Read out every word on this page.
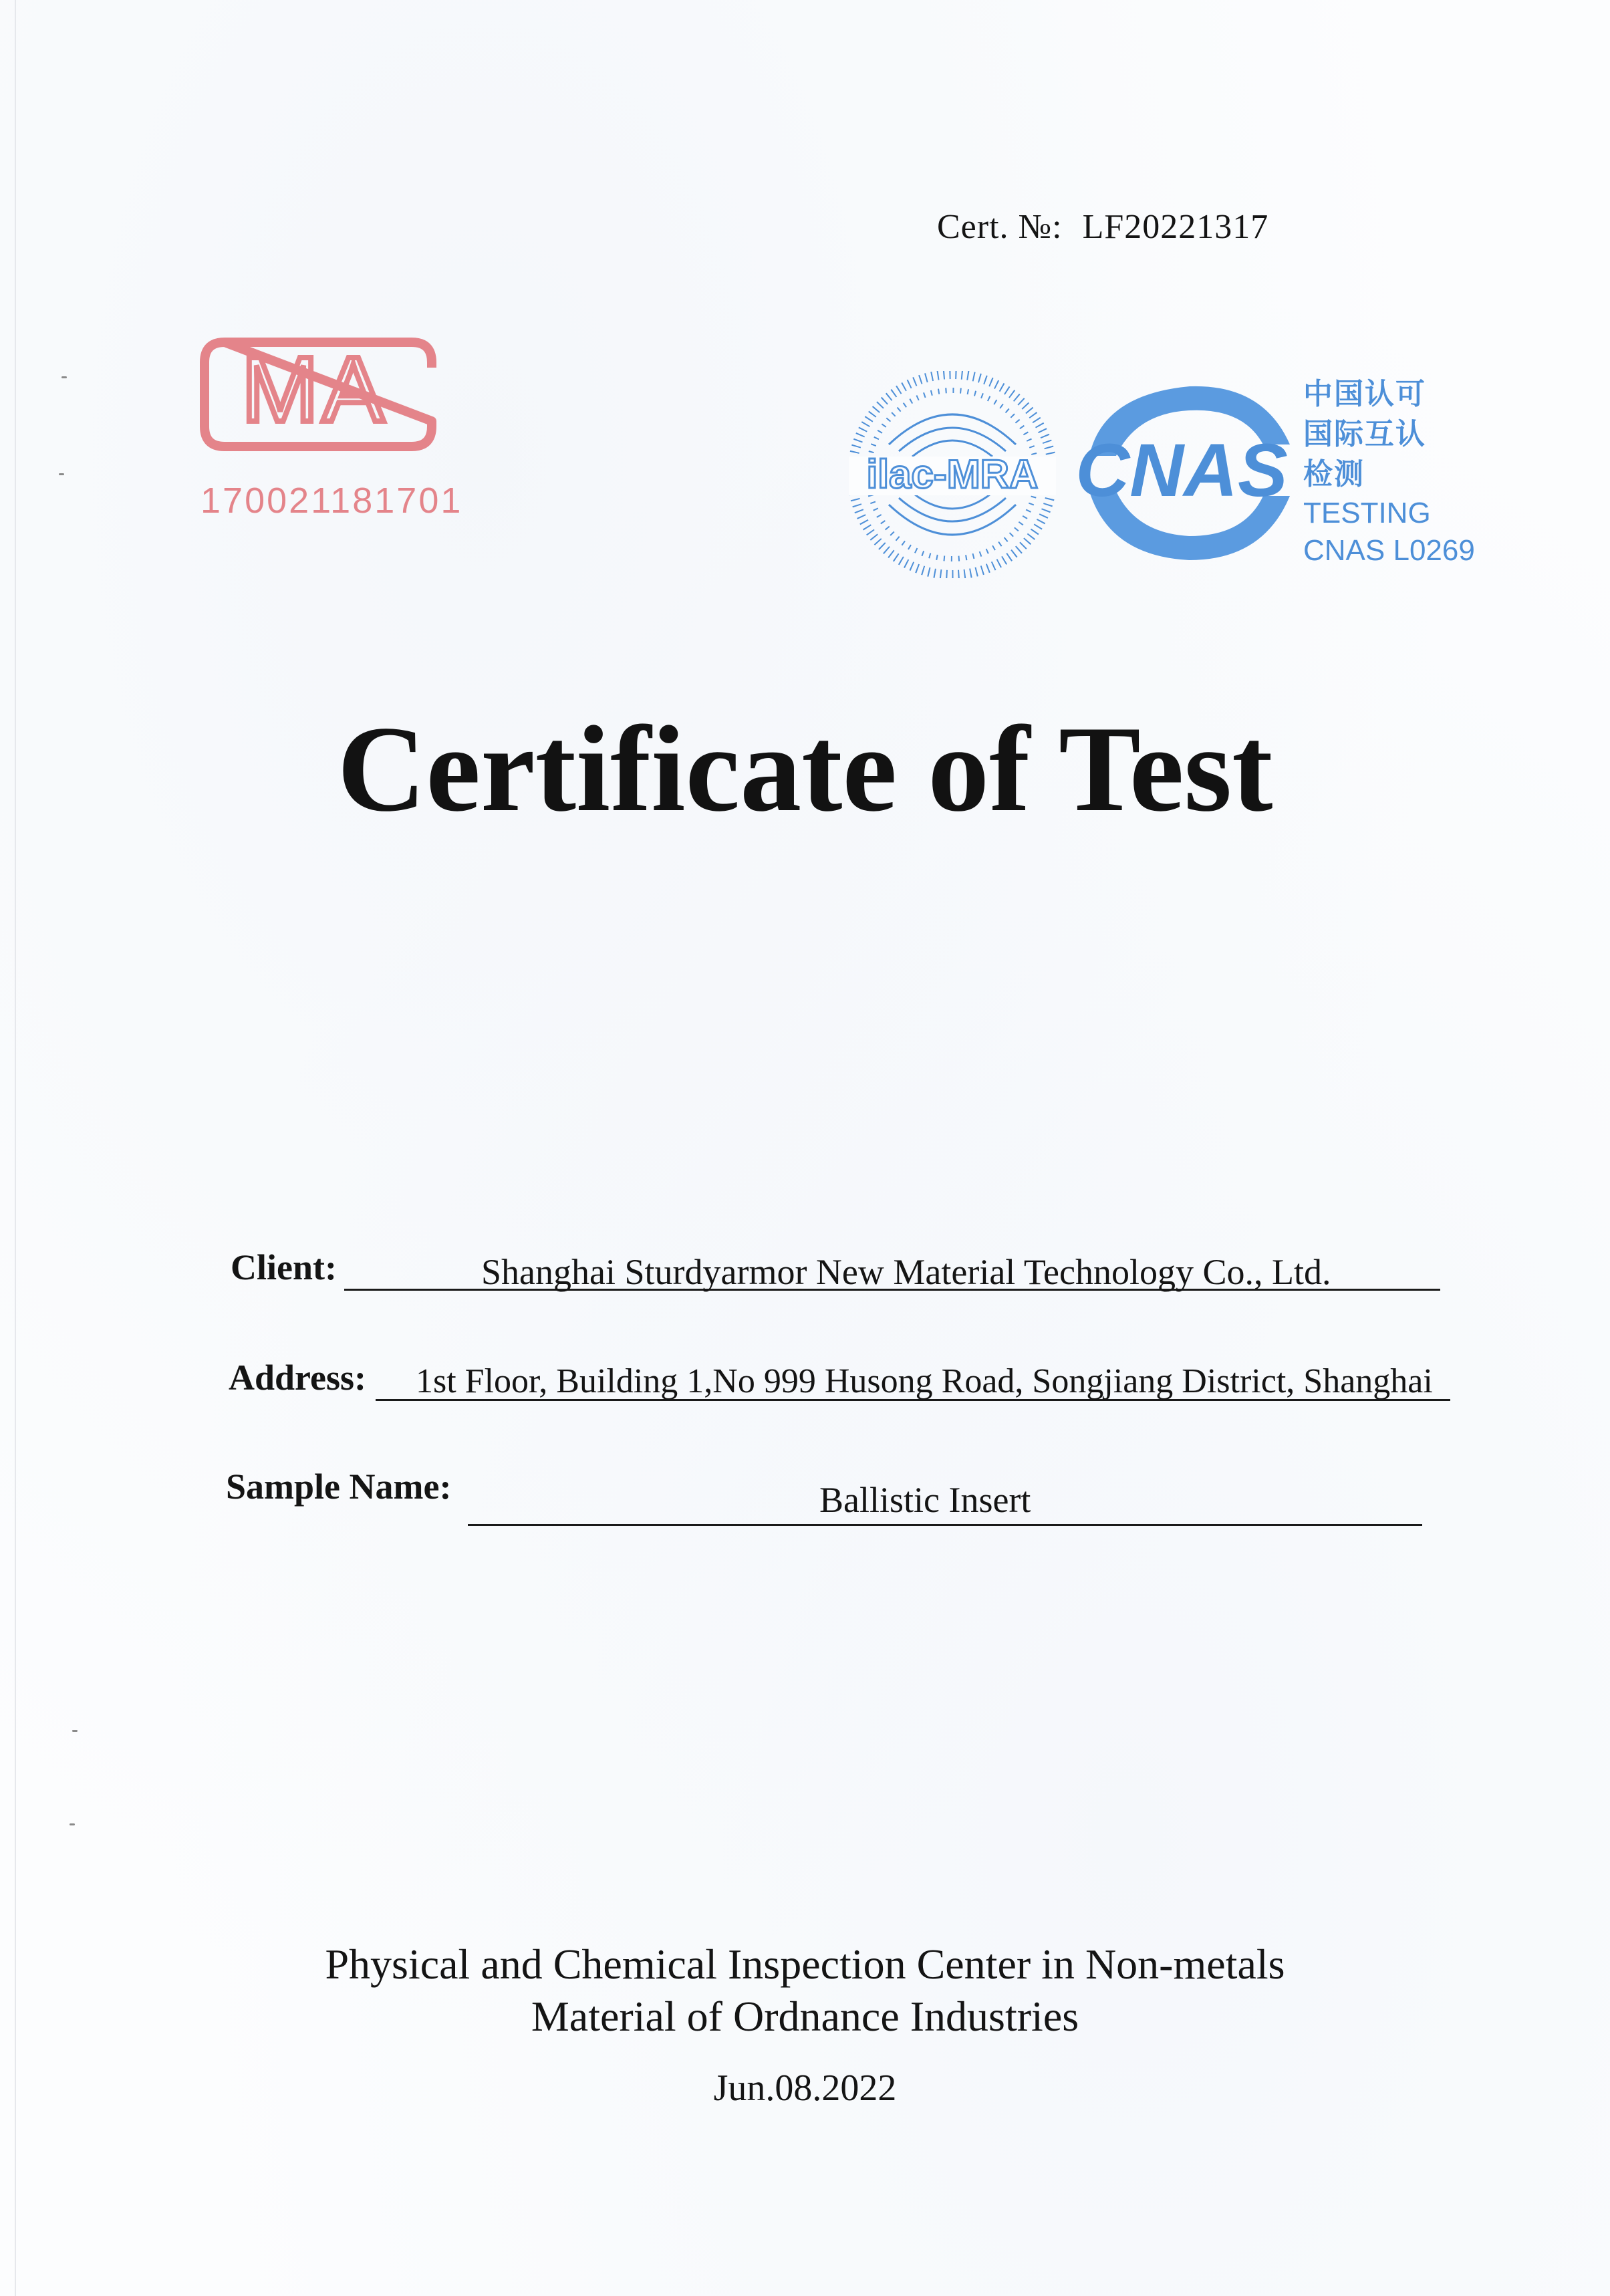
Cert. №: LF20221317
MA
170021181701
ilac-MRA CNAS
中国认可
国际互认
检测
TESTING
CNAS L0269
Certificate of Test
Client:	Shanghai Sturdyarmor New Material Technology Co., Ltd.
Address: 1st Floor, Building 1,No 999 Husong Road, Songjiang District, Shanghai
Sample Name:	Ballistic Insert
Physical and Chemical Inspection Center in Non-metals
Material of Ordnance Industries
Jun.08.2022
